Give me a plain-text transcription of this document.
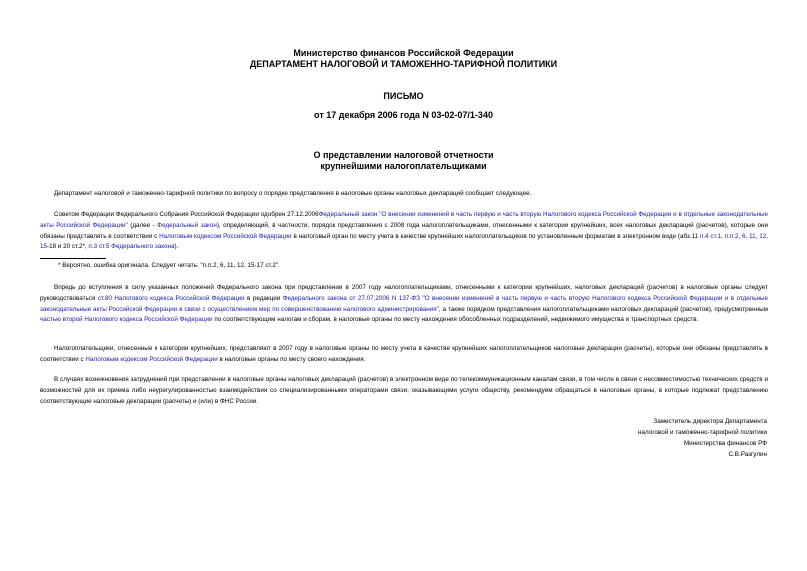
Министерство финансов Российской Федерации
ДЕПАРТАМЕНТ НАЛОГОВОЙ И ТАМОЖЕННО-ТАРИФНОЙ ПОЛИТИКИ
ПИСЬМО
от 17 декабря 2006 года N 03-02-07/1-340
О представлении налоговой отчетности
крупнейшими налогоплательщиками

Департамент налоговой и таможенно-тарифной политики по вопросу о порядке представления в налоговые органы налоговых деклараций сообщает следующее.

Советом Федерации Федерального Собрания Российской Федерации одобрен 27.12.2006Федеральный закон "О внесении изменений в часть первую и часть вторую Налогового кодекса Российской Федерации и в отдельные законодательные акты Российской Федерации" (далее - Федеральный закон), определяющий, в частности, порядок представления с 2008 года налогоплательщиками, отнесенными к категории крупнейших, всех налоговых деклараций (расчетов), которые они обязаны представлять в соответствии с Налоговым кодексом Российской Федерации в налоговый орган по месту учета в качестве крупнейших налогоплательщиков по установленным форматам в электронном виде (абз.11 п.4 ст.1, п.п.2, 6, 11, 12, 15-18 и 20 ст.2*, п.3 ст.5 Федерального закона).

* Вероятно, ошибка оригинала. Следует читать: "п.п.2, 6, 11, 12, 15-17 ст.2".

Впредь до вступления в силу указанных положений Федерального закона при представлении в 2007 году налогоплательщиками, отнесенными к категории крупнейших, налоговых деклараций (расчетов) в налоговые органы следует руководствоваться ст.80 Налогового кодекса Российской Федерации в редакции Федерального закона от 27.07.2006 N 137-ФЗ "О внесении изменений в часть первую и часть вторую Налогового кодекса Российской Федерации и в отдельные законодательные акты Российской Федерации в связи с осуществлением мер по совершенствованию налогового администрирования", а также порядком представления налогоплательщиками налоговых деклараций (расчетов), предусмотренным частью второй Налогового кодекса Российской Федерации по соответствующим налогам и сборам, в налоговые органы по месту нахождения обособленных подразделений, недвижимого имущества и транспортных средств.

Налогоплательщики, отнесенные к категории крупнейших, представляют в 2007 году в налоговые органы по месту учета в качестве крупнейших налогоплательщиков налоговые декларации (расчеты), которые они обязаны представлять в соответствии с Налоговым кодексом Российской Федерации в налоговые органы по месту своего нахождения.

В случаях возникновения затруднений при представлении в налоговые органы налоговых деклараций (расчетов) в электронном виде по телекоммуникационным каналам связи, в том числе в связи с несовместимостью технических средств и возможностей для их приема либо неурегулированностью взаимодействия со специализированными операторами связи, оказывающими услуги обществу, рекомендуем обращаться в налоговые органы, в которые подлежат представлению соответствующие налоговые декларации (расчеты) и (или) в ФНС России.

Заместитель директора Департамента
налоговой и таможенно-тарифной политики
Министерства финансов РФ
С.В.Разгулин
